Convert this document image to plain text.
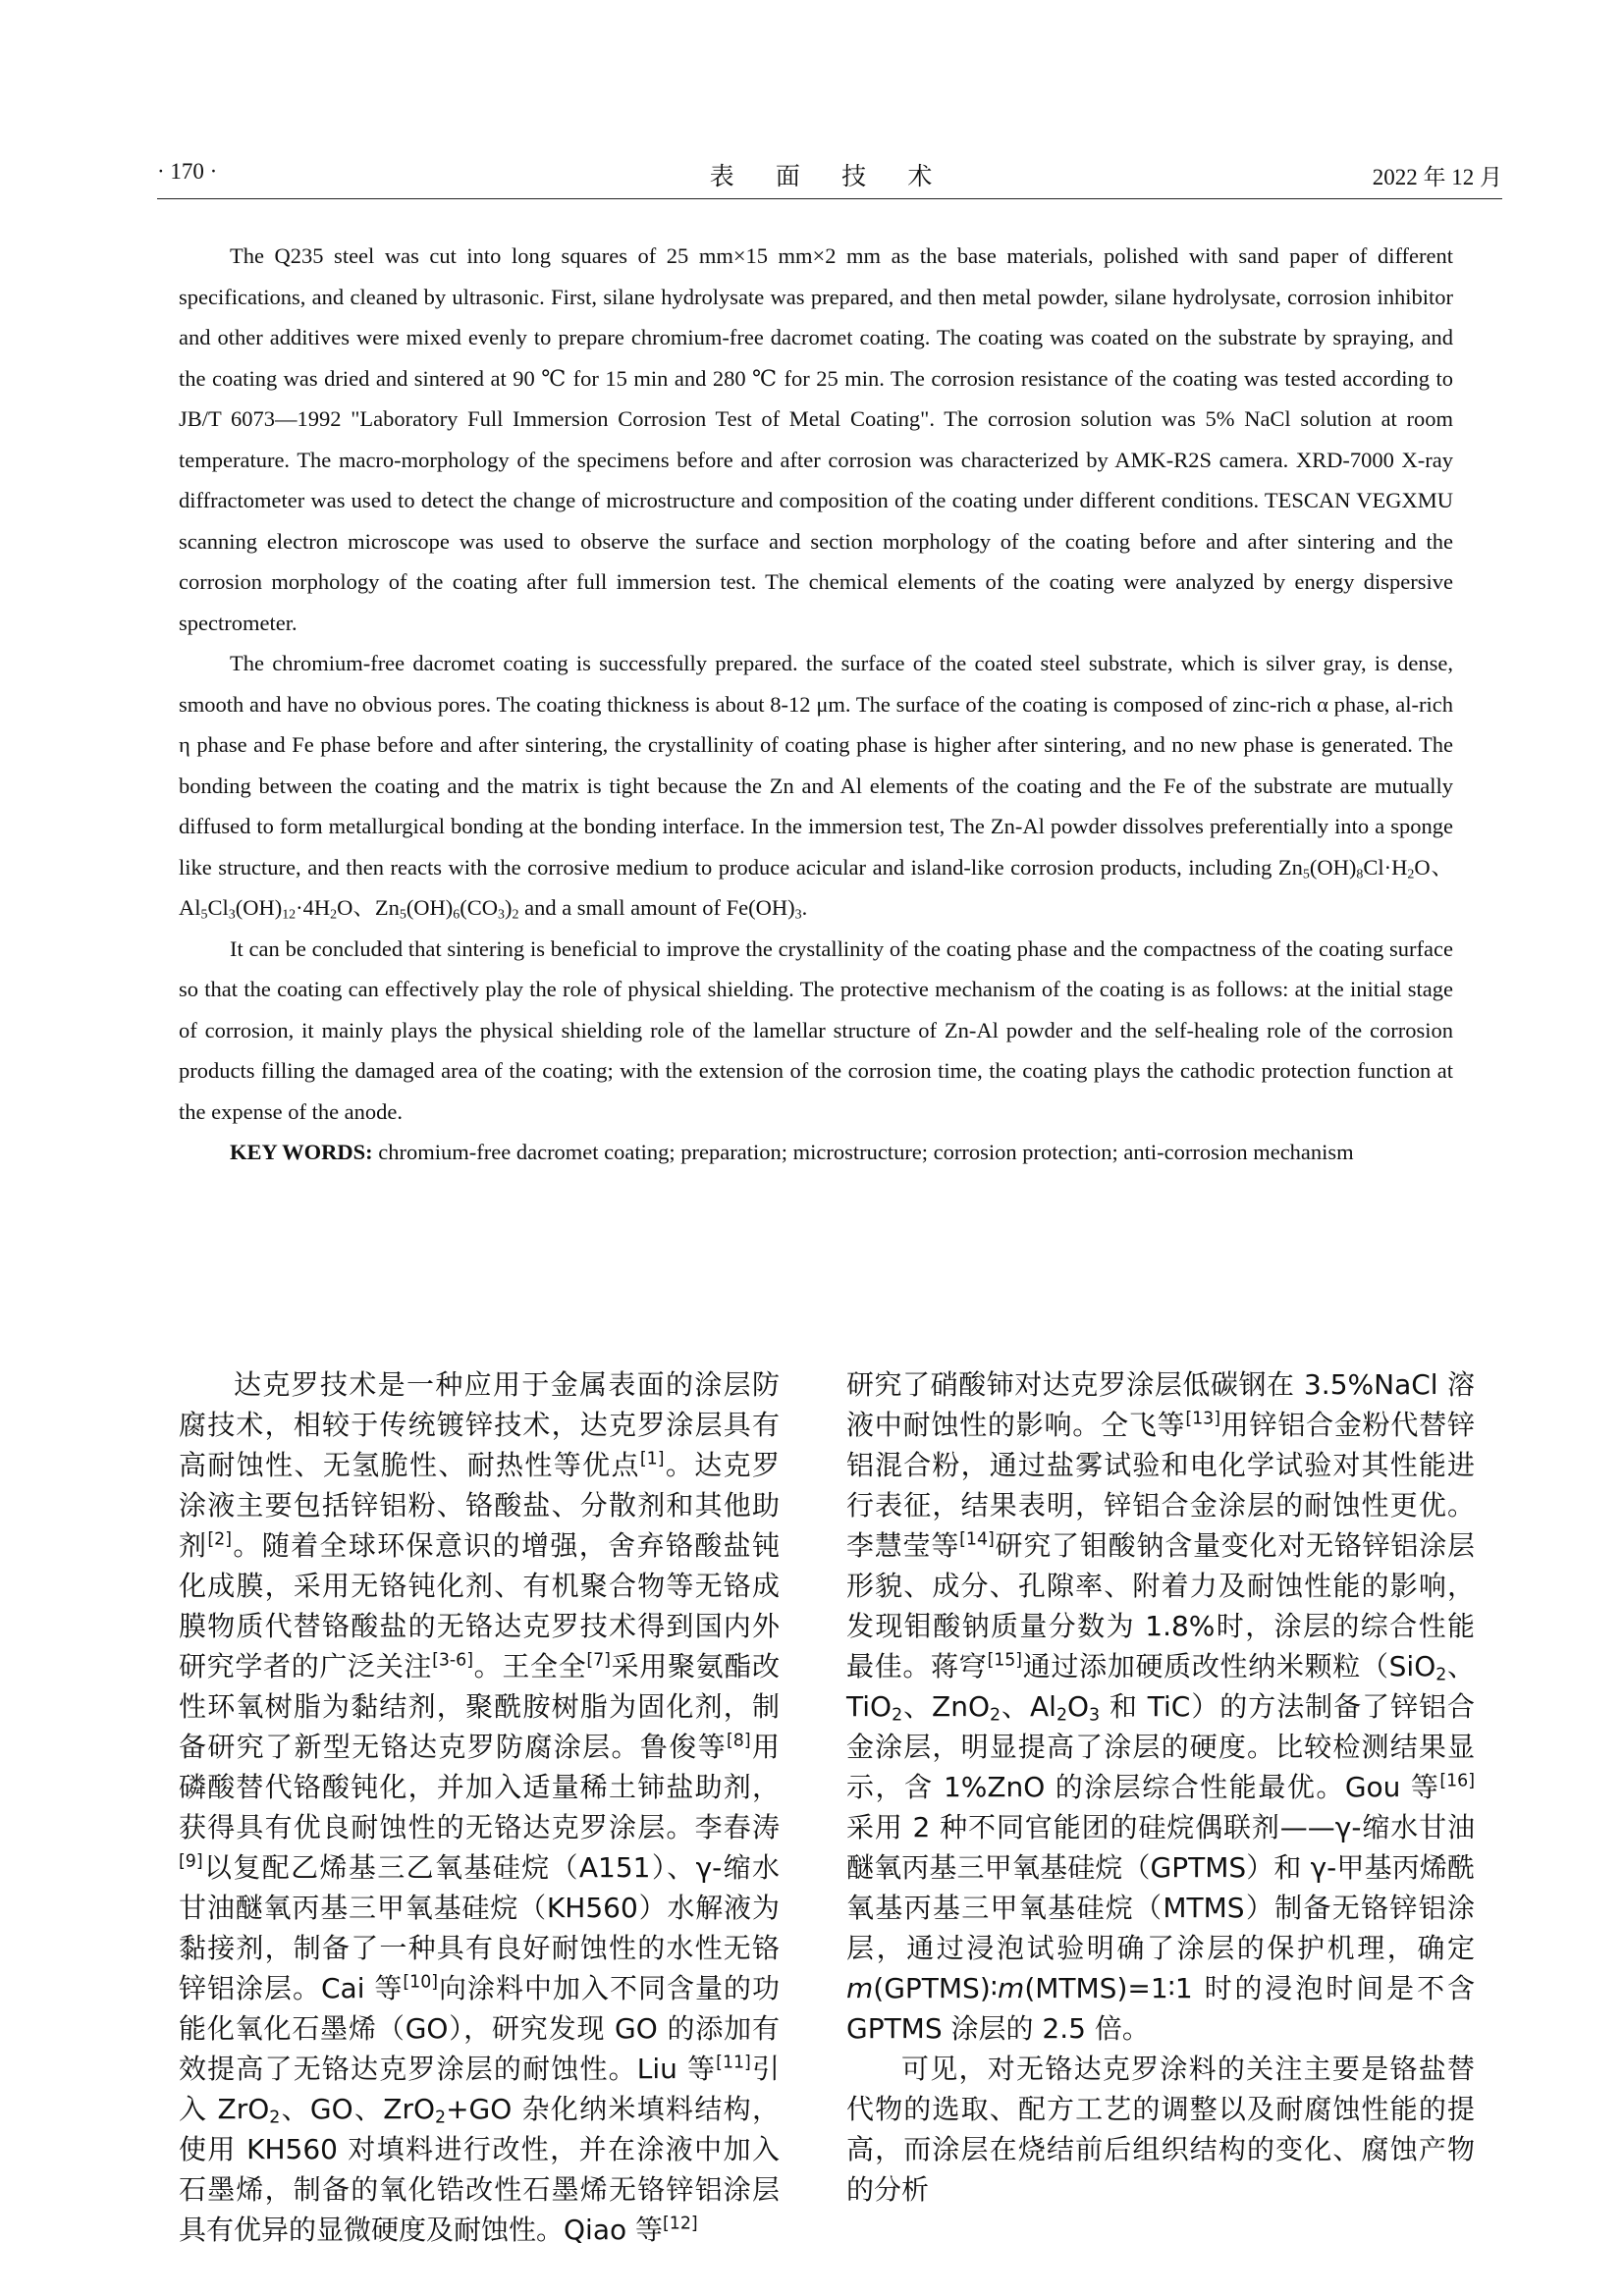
· 170 ·	表 面 技 术	2022 年 12 月

The Q235 steel was cut into long squares of 25 mm×15 mm×2 mm as the base materials, polished with sand paper of different specifications, and cleaned by ultrasonic. First, silane hydrolysate was prepared, and then metal powder, silane hydrolysate, corrosion inhibitor and other additives were mixed evenly to prepare chromium-free dacromet coating. The coating was coated on the substrate by spraying, and the coating was dried and sintered at 90 ℃ for 15 min and 280 ℃ for 25 min. The corrosion resistance of the coating was tested according to JB/T 6073—1992 "Laboratory Full Immersion Corrosion Test of Metal Coating". The corrosion solution was 5% NaCl solution at room temperature. The macro-morphology of the specimens before and after corrosion was characterized by AMK-R2S camera. XRD-7000 X-ray diffractometer was used to detect the change of microstructure and composition of the coating under different conditions. TESCAN VEGXMU scanning electron microscope was used to observe the surface and section morphology of the coating before and after sintering and the corrosion morphology of the coating after full immersion test. The chemical elements of the coating were analyzed by energy dispersive spectrometer.

The chromium-free dacromet coating is successfully prepared. the surface of the coated steel substrate, which is silver gray, is dense, smooth and have no obvious pores. The coating thickness is about 8-12 μm. The surface of the coating is composed of zinc-rich α phase, al-rich η phase and Fe phase before and after sintering, the crystallinity of coating phase is higher after sintering, and no new phase is generated. The bonding between the coating and the matrix is tight because the Zn and Al elements of the coating and the Fe of the substrate are mutually diffused to form metallurgical bonding at the bonding interface. In the immersion test, The Zn-Al powder dissolves preferentially into a sponge like structure, and then reacts with the corrosive medium to produce acicular and island-like corrosion products, including $Zn_5(OH)_8Cl\cdot H_2O$、$Al_5Cl_3(OH)_{12}\cdot 4H_2O$、$Zn_5(OH)_6(CO_3)_2$ and a small amount of $Fe(OH)_3$.

It can be concluded that sintering is beneficial to improve the crystallinity of the coating phase and the compactness of the coating surface so that the coating can effectively play the role of physical shielding. The protective mechanism of the coating is as follows: at the initial stage of corrosion, it mainly plays the physical shielding role of the lamellar structure of Zn-Al powder and the self-healing role of the corrosion products filling the damaged area of the coating; with the extension of the corrosion time, the coating plays the cathodic protection function at the expense of the anode.

KEY WORDS: chromium-free dacromet coating; preparation; microstructure; corrosion protection; anti-corrosion mechanism

达克罗技术是一种应用于金属表面的涂层防腐技术，相较于传统镀锌技术，达克罗涂层具有高耐蚀性、无氢脆性、耐热性等优点[1]。达克罗涂液主要包括锌铝粉、铬酸盐、分散剂和其他助剂[2]。随着全球环保意识的增强，舍弃铬酸盐钝化成膜，采用无铬钝化剂、有机聚合物等无铬成膜物质代替铬酸盐的无铬达克罗技术得到国内外研究学者的广泛关注[3-6]。王全全[7]采用聚氨酯改性环氧树脂为黏结剂，聚酰胺树脂为固化剂，制备研究了新型无铬达克罗防腐涂层。鲁俊等[8]用磷酸替代铬酸钝化，并加入适量稀土铈盐助剂，获得具有优良耐蚀性的无铬达克罗涂层。李春涛[9]以复配乙烯基三乙氧基硅烷（A151）、γ-缩水甘油醚氧丙基三甲氧基硅烷（KH560）水解液为黏接剂，制备了一种具有良好耐蚀性的水性无铬锌铝涂层。Cai 等[10]向涂料中加入不同含量的功能化氧化石墨烯（GO），研究发现 GO 的添加有效提高了无铬达克罗涂层的耐蚀性。Liu 等[11]引入 ZrO$_2$、GO、ZrO$_2$+GO 杂化纳米填料结构，使用 KH560 对填料进行改性，并在涂液中加入石墨烯，制备的氧化锆改性石墨烯无铬锌铝涂层具有优异的显微硬度及耐蚀性。Qiao 等[12]

研究了硝酸铈对达克罗涂层低碳钢在 3.5%NaCl 溶液中耐蚀性的影响。仝飞等[13]用锌铝合金粉代替锌铝混合粉，通过盐雾试验和电化学试验对其性能进行表征，结果表明，锌铝合金涂层的耐蚀性更优。李慧莹等[14]研究了钼酸钠含量变化对无铬锌铝涂层形貌、成分、孔隙率、附着力及耐蚀性能的影响，发现钼酸钠质量分数为 1.8%时，涂层的综合性能最佳。蒋穹[15]通过添加硬质改性纳米颗粒（SiO$_2$、TiO$_2$、ZnO$_2$、$Al_2O_3$ 和 TiC）的方法制备了锌铝合金涂层，明显提高了涂层的硬度。比较检测结果显示，含 1%ZnO 的涂层综合性能最优。Gou 等[16]采用 2 种不同官能团的硅烷偶联剂——γ-缩水甘油醚氧丙基三甲氧基硅烷（GPTMS）和 γ-甲基丙烯酰氧基丙基三甲氧基硅烷（MTMS）制备无铬锌铝涂层，通过浸泡试验明确了涂层的保护机理，确定 m(GPTMS)∶m(MTMS)=1∶1 时的浸泡时间是不含 GPTMS 涂层的 2.5 倍。

可见，对无铬达克罗涂料的关注主要是铬盐替代物的选取、配方工艺的调整以及耐腐蚀性能的提高，而涂层在烧结前后组织结构的变化、腐蚀产物的分析
